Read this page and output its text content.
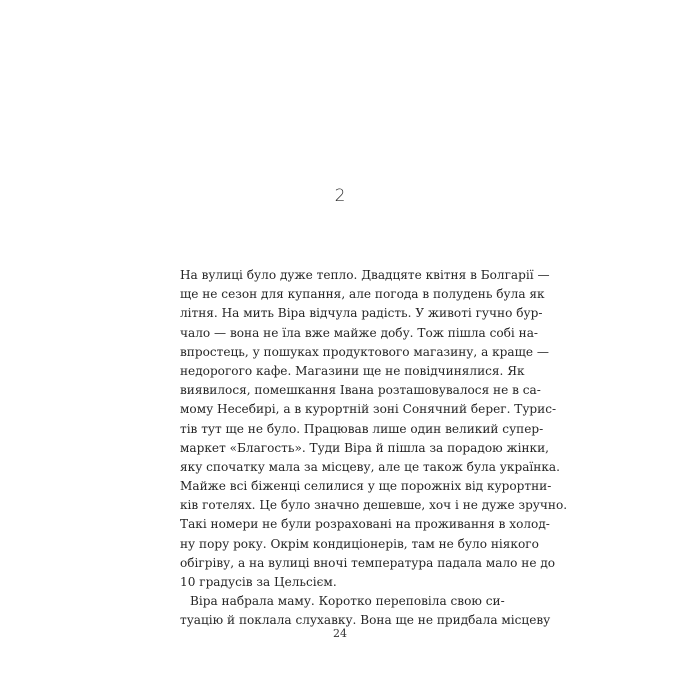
2
На вулиці було дуже тепло. Двадцяте квітня в Болгарії —
ще не сезон для купання, але погода в полудень була як
літня. На мить Віра відчула радість. У животі гучно бур-
чало — вона не їла вже майже добу. Тож пішла собі на-
впростець, у пошуках продуктового магазину, а краще —
недорогого кафе. Магазини ще не повідчинялися. Як
виявилося, помешкання Івана розташовувалося не в са-
мому Несебирі, а в курортній зоні Сонячний берег. Турис-
тів тут ще не було. Працював лише один великий супер-
маркет «Благость». Туди Віра й пішла за порадою жінки,
яку спочатку мала за місцеву, але це також була українка.
Майже всі біженці селилися у ще порожніх від курортни-
ків готелях. Це було значно дешевше, хоч і не дуже зручно.
Такі номери не були розраховані на проживання в холод-
ну пору року. Окрім кондиціонерів, там не було ніякого
обігріву, а на вулиці вночі температура падала мало не до
10 градусів за Цельсієм.
Віра набрала маму. Коротко переповіла свою си-
туацію й поклала слухавку. Вона ще не придбала місцеву
24
